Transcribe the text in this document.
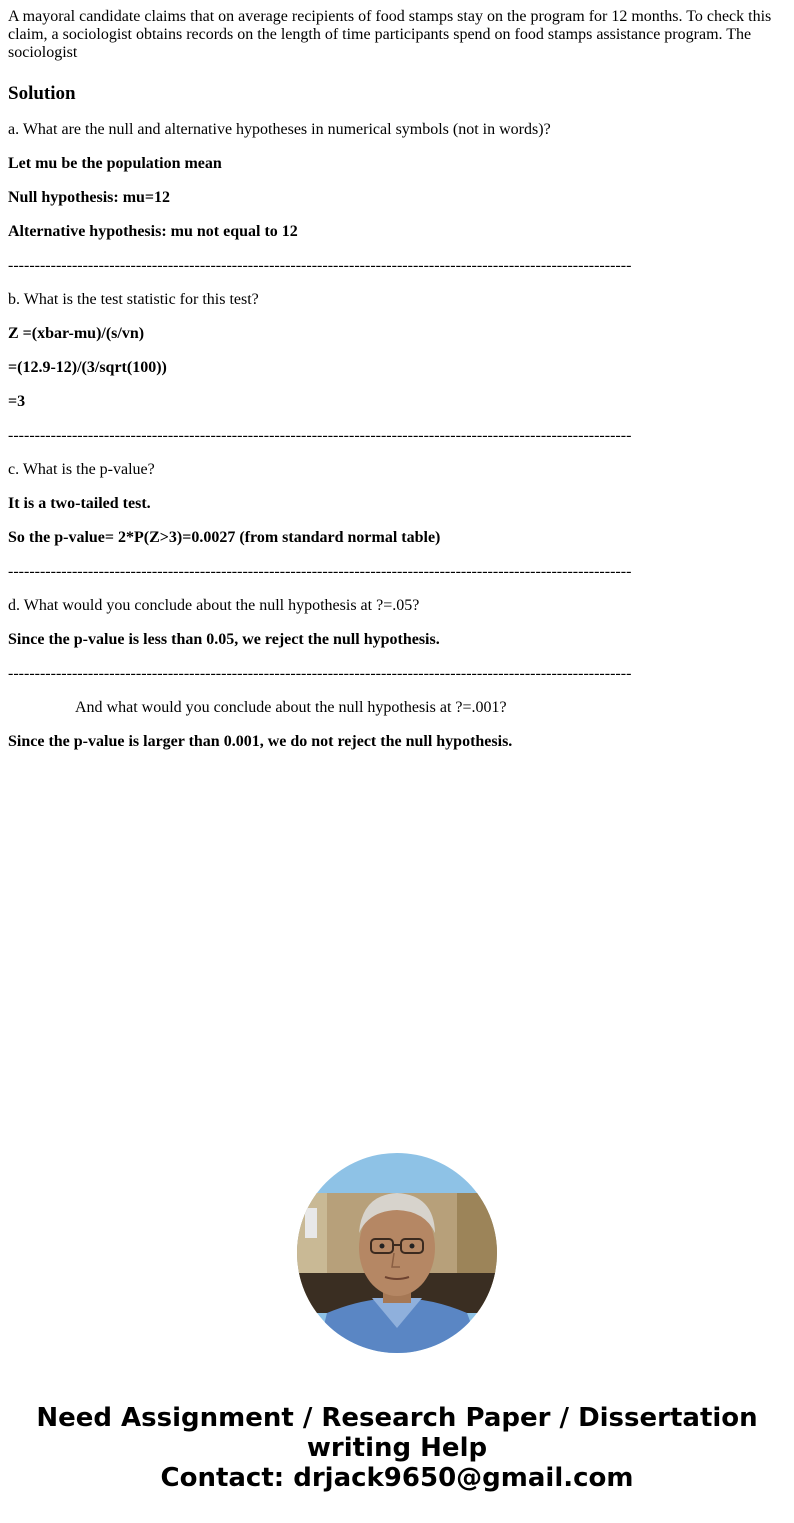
A mayoral candidate claims that on average recipients of food stamps stay on the program for 12 months. To check this claim, a sociologist obtains records on the length of time participants spend on food stamps assistance program. The sociologist
Solution

a. What are the null and alternative hypotheses in numerical symbols (not in words)?

Let mu be the population mean

Null hypothesis: mu=12

Alternative hypothesis: mu not equal to 12

---------------------------------------------------------------------------------------------------------------------

b. What is the test statistic for this test?

Z =(xbar-mu)/(s/vn)

=(12.9-12)/(3/sqrt(100))

=3

---------------------------------------------------------------------------------------------------------------------

c. What is the p-value?

It is a two-tailed test.

So the p-value= 2*P(Z>3)=0.0027 (from standard normal table)

---------------------------------------------------------------------------------------------------------------------

d. What would you conclude about the null hypothesis at ?=.05?

Since the p-value is less than 0.05, we reject the null hypothesis.

---------------------------------------------------------------------------------------------------------------------

And what would you conclude about the null hypothesis at ?=.001?

Since the p-value is larger than 0.001, we do not reject the null hypothesis.

Need Assignment / Research Paper / Dissertation
writing Help
Contact: drjack9650@gmail.com
